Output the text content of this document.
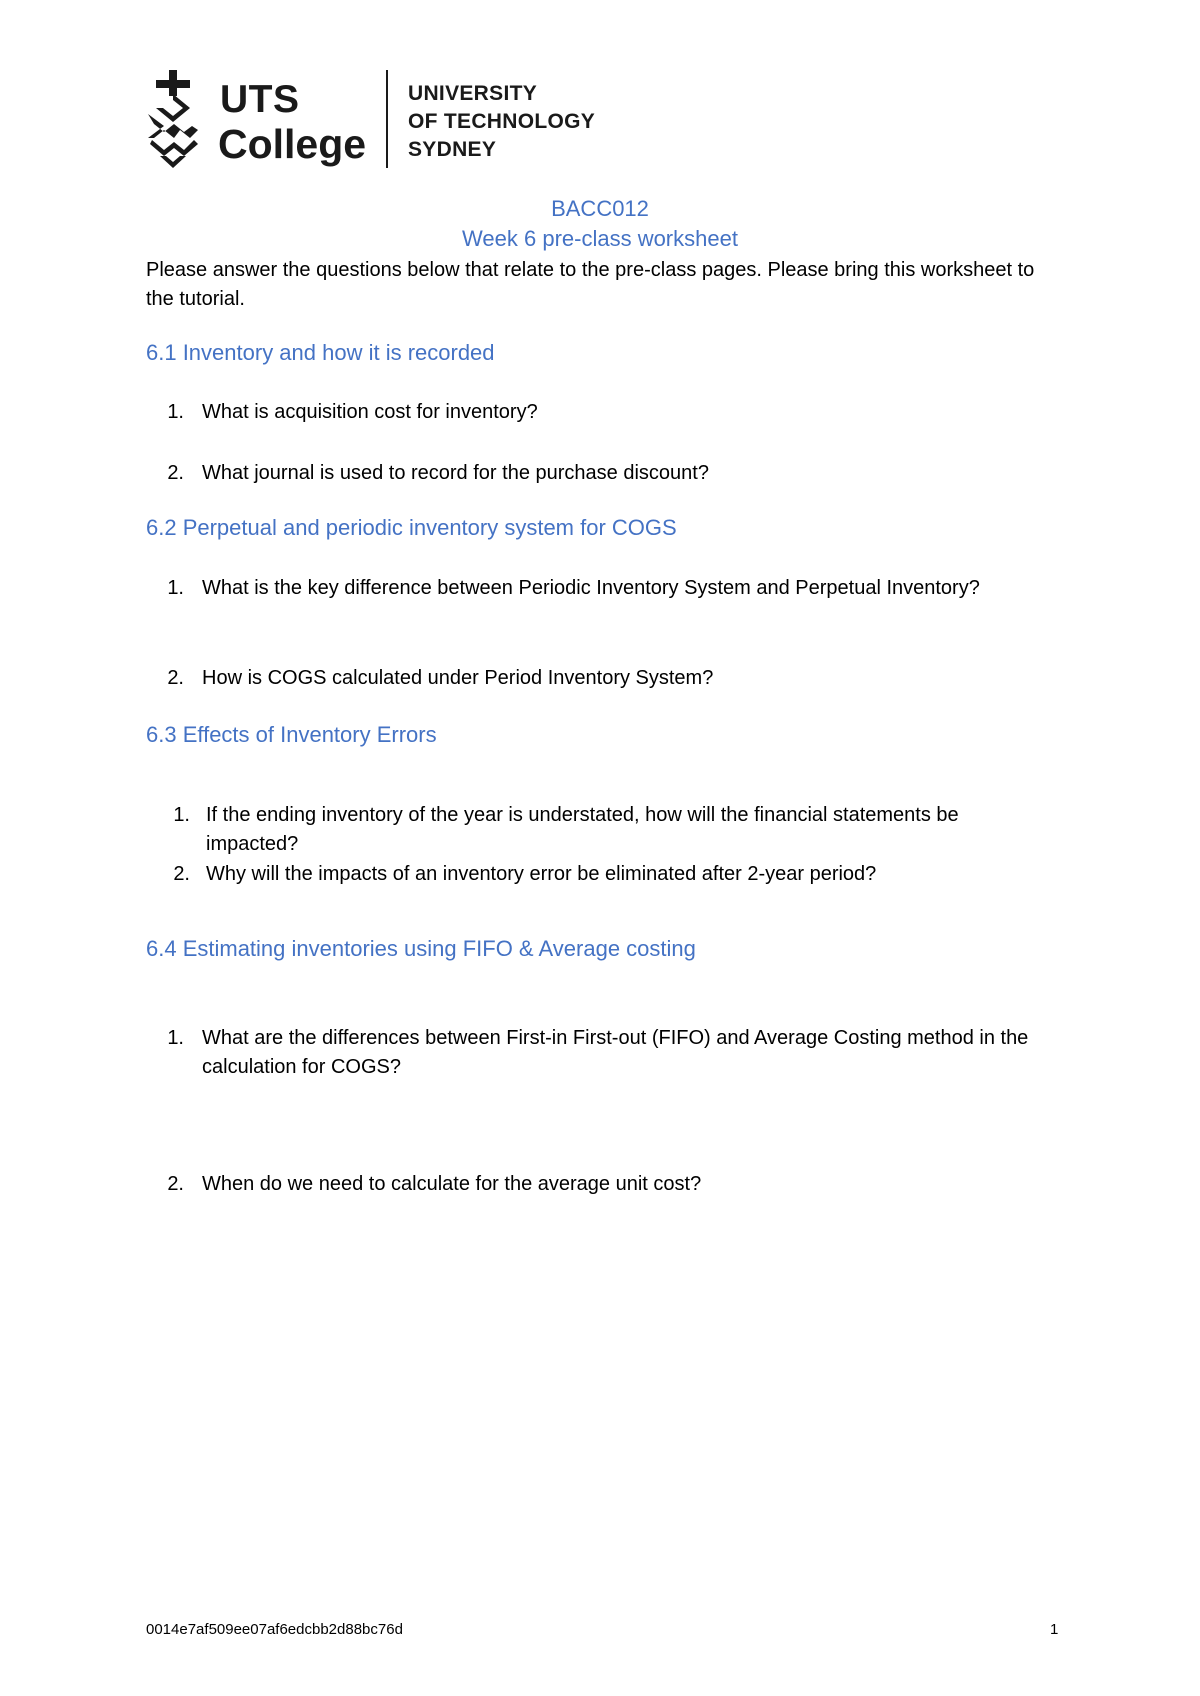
UTS
College
UNIVERSITY
OF TECHNOLOGY
SYDNEY
BACC012
Week 6 pre-class worksheet
Please answer the questions below that relate to the pre-class pages. Please bring this worksheet to the tutorial.
6.1 Inventory and how it is recorded
1. What is acquisition cost for inventory?
2. What journal is used to record for the purchase discount?
6.2 Perpetual and periodic inventory system for COGS
1. What is the key difference between Periodic Inventory System and Perpetual Inventory?
2. How is COGS calculated under Period Inventory System?
6.3 Effects of Inventory Errors
1. If the ending inventory of the year is understated, how will the financial statements be impacted?
2. Why will the impacts of an inventory error be eliminated after 2-year period?
6.4 Estimating inventories using FIFO & Average costing
1. What are the differences between First-in First-out (FIFO) and Average Costing method in the calculation for COGS?
2. When do we need to calculate for the average unit cost?
0014e7af509ee07af6edcbb2d88bc76d	1
